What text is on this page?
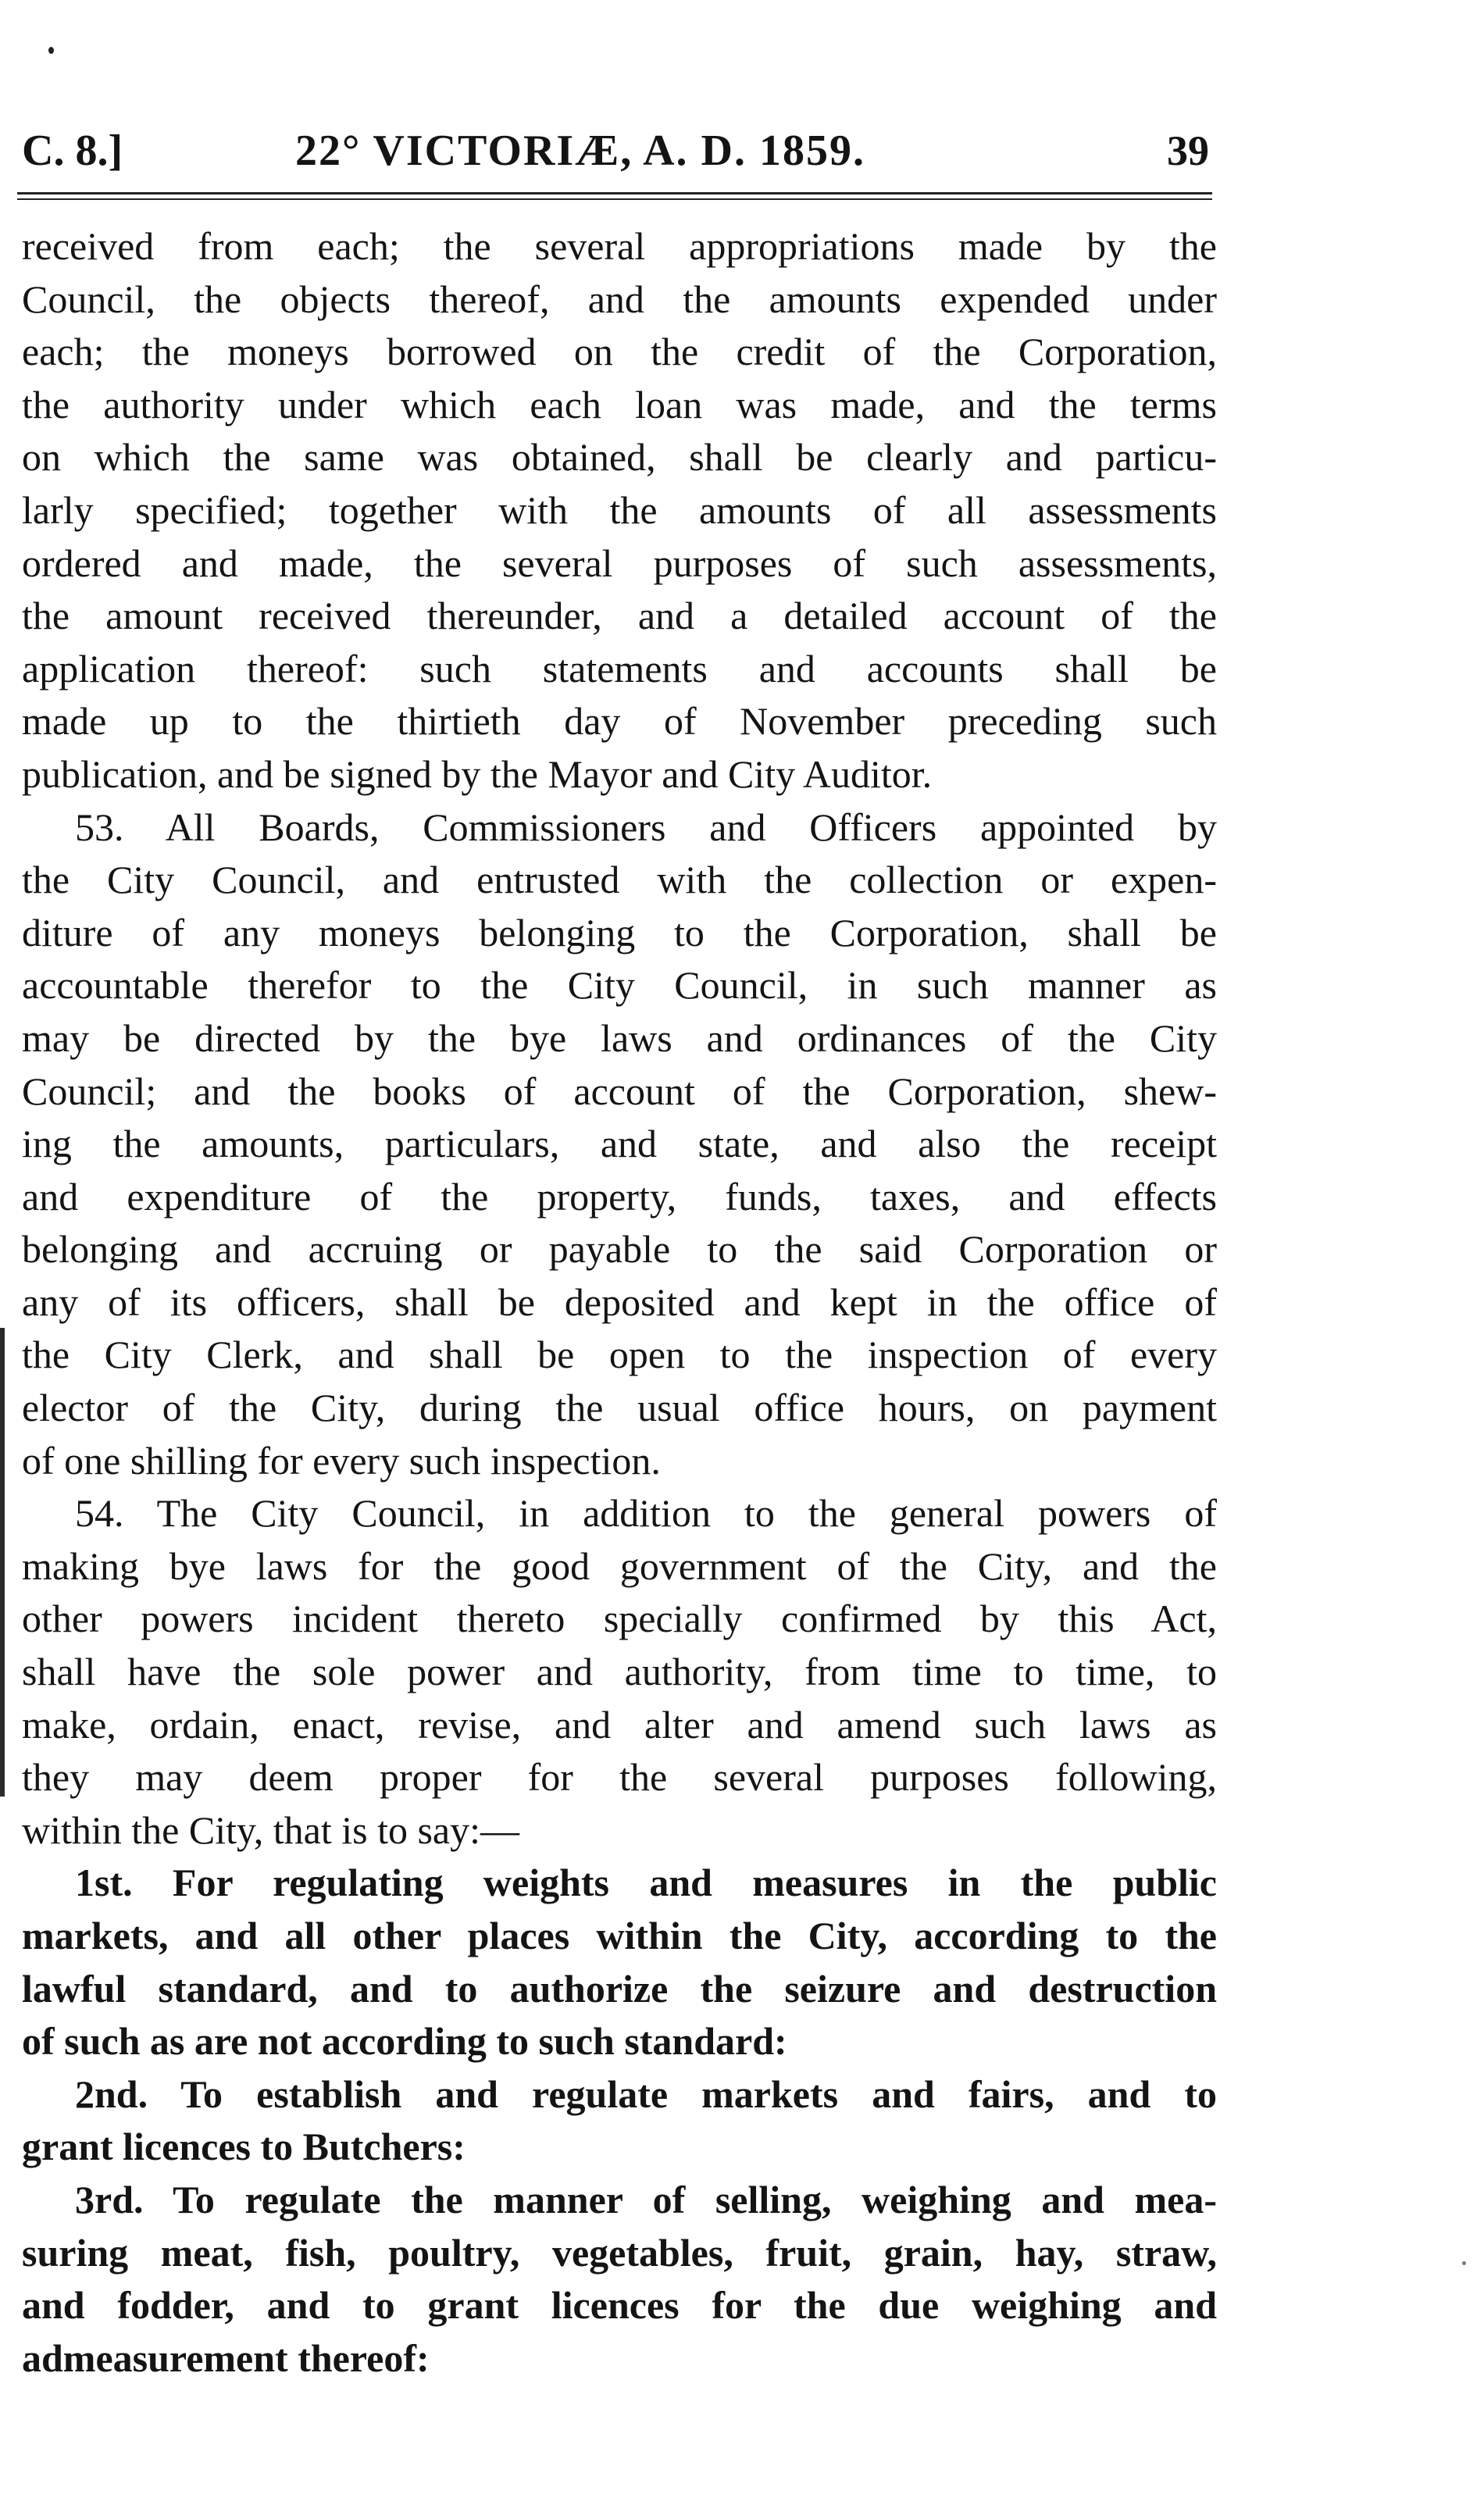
C. 8.]	22° VICTORIÆ, A. D. 1859.	39
received from each; the several appropriations made by the
Council, the objects thereof, and the amounts expended under
each; the moneys borrowed on the credit of the Corporation,
the authority under which each loan was made, and the terms
on which the same was obtained, shall be clearly and particu-
larly specified; together with the amounts of all assessments
ordered and made, the several purposes of such assessments,
the amount received thereunder, and a detailed account of the
application thereof: such statements and accounts shall be
made up to the thirtieth day of November preceding such
publication, and be signed by the Mayor and City Auditor.
53. All Boards, Commissioners and Officers appointed by
the City Council, and entrusted with the collection or expen-
diture of any moneys belonging to the Corporation, shall be
accountable therefor to the City Council, in such manner as
may be directed by the bye laws and ordinances of the City
Council; and the books of account of the Corporation, shew-
ing the amounts, particulars, and state, and also the receipt
and expenditure of the property, funds, taxes, and effects
belonging and accruing or payable to the said Corporation or
any of its officers, shall be deposited and kept in the office of
the City Clerk, and shall be open to the inspection of every
elector of the City, during the usual office hours, on payment
of one shilling for every such inspection.
54. The City Council, in addition to the general powers of
making bye laws for the good government of the City, and the
other powers incident thereto specially confirmed by this Act,
shall have the sole power and authority, from time to time, to
make, ordain, enact, revise, and alter and amend such laws as
they may deem proper for the several purposes following,
within the City, that is to say:—
1st. For regulating weights and measures in the public
markets, and all other places within the City, according to the
lawful standard, and to authorize the seizure and destruction
of such as are not according to such standard:
2nd. To establish and regulate markets and fairs, and to
grant licences to Butchers:
3rd. To regulate the manner of selling, weighing and mea-
suring meat, fish, poultry, vegetables, fruit, grain, hay, straw,
and fodder, and to grant licences for the due weighing and
admeasurement thereof:
